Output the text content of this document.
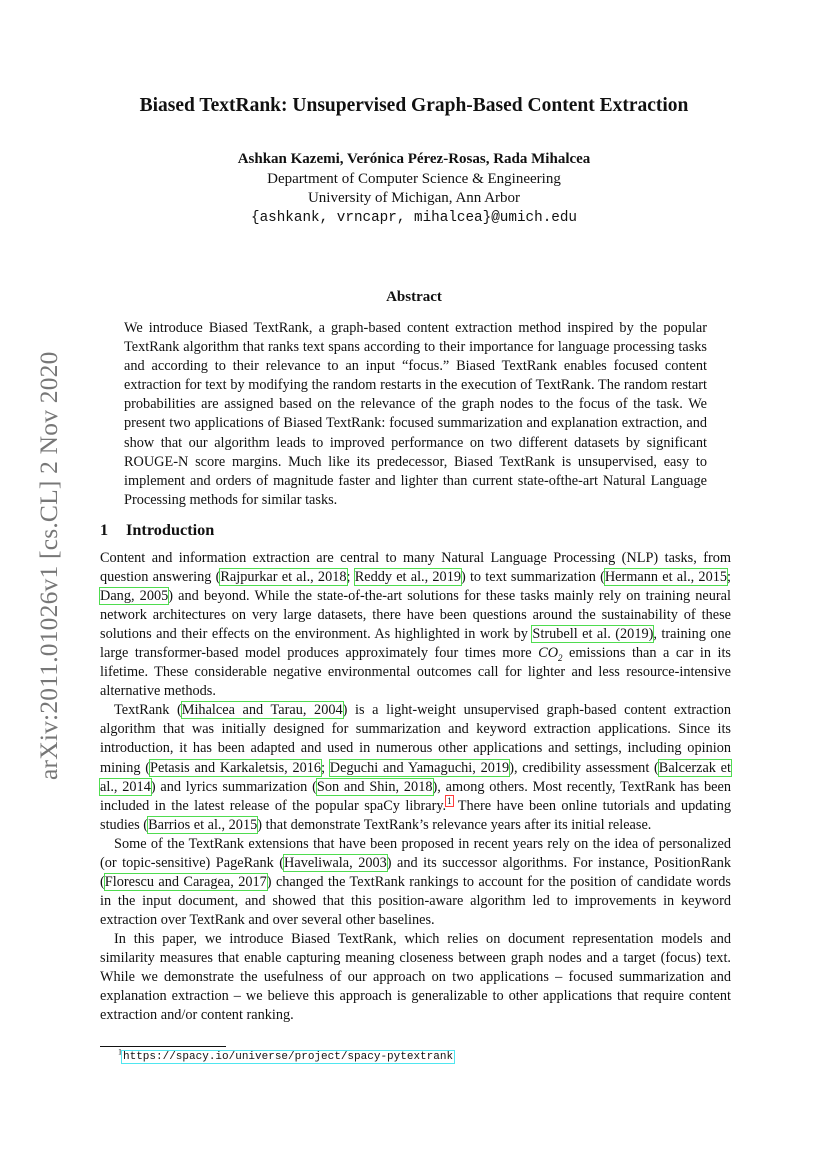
arXiv:2011.01026v1 [cs.CL] 2 Nov 2020
Biased TextRank: Unsupervised Graph-Based Content Extraction
Ashkan Kazemi, Verónica Pérez-Rosas, Rada Mihalcea
Department of Computer Science & Engineering
University of Michigan, Ann Arbor
{ashkank, vrncapr, mihalcea}@umich.edu
Abstract
We introduce Biased TextRank, a graph-based content extraction method inspired by the popular TextRank algorithm that ranks text spans according to their importance for language processing tasks and according to their relevance to an input “focus.” Biased TextRank enables focused content extraction for text by modifying the random restarts in the execution of TextRank. The random restart probabilities are assigned based on the relevance of the graph nodes to the focus of the task. We present two applications of Biased TextRank: focused summarization and explanation extraction, and show that our algorithm leads to improved performance on two different datasets by significant ROUGE-N score margins. Much like its predecessor, Biased TextRank is unsupervised, easy to implement and orders of magnitude faster and lighter than current state-ofthe-art Natural Language Processing methods for similar tasks.
1 Introduction

Content and information extraction are central to many Natural Language Processing (NLP) tasks, from question answering (Rajpurkar et al., 2018; Reddy et al., 2019) to text summarization (Hermann et al., 2015; Dang, 2005) and beyond. While the state-of-the-art solutions for these tasks mainly rely on training neural network architectures on very large datasets, there have been questions around the sustainability of these solutions and their effects on the environment. As highlighted in work by Strubell et al. (2019), training one large transformer-based model produces approximately four times more $CO_2$ emissions than a car in its lifetime. These considerable negative environmental outcomes call for lighter and less resource-intensive alternative methods.

TextRank (Mihalcea and Tarau, 2004) is a light-weight unsupervised graph-based content extraction algorithm that was initially designed for summarization and keyword extraction applications. Since its introduction, it has been adapted and used in numerous other applications and settings, including opinion mining (Petasis and Karkaletsis, 2016; Deguchi and Yamaguchi, 2019), credibility assessment (Balcerzak et al., 2014) and lyrics summarization (Son and Shin, 2018), among others. Most recently, TextRank has been included in the latest release of the popular spaCy library.$^1$ There have been online tutorials and updating studies (Barrios et al., 2015) that demonstrate TextRank’s relevance years after its initial release.

Some of the TextRank extensions that have been proposed in recent years rely on the idea of personalized (or topic-sensitive) PageRank (Haveliwala, 2003) and its successor algorithms. For instance, PositionRank (Florescu and Caragea, 2017) changed the TextRank rankings to account for the position of candidate words in the input document, and showed that this position-aware algorithm led to improvements in keyword extraction over TextRank and over several other baselines.

In this paper, we introduce Biased TextRank, which relies on document representation models and similarity measures that enable capturing meaning closeness between graph nodes and a target (focus) text. While we demonstrate the usefulness of our approach on two applications – focused summarization and explanation extraction – we believe this approach is generalizable to other applications that require content extraction and/or content ranking.

$^1$https://spacy.io/universe/project/spacy-pytextrank
